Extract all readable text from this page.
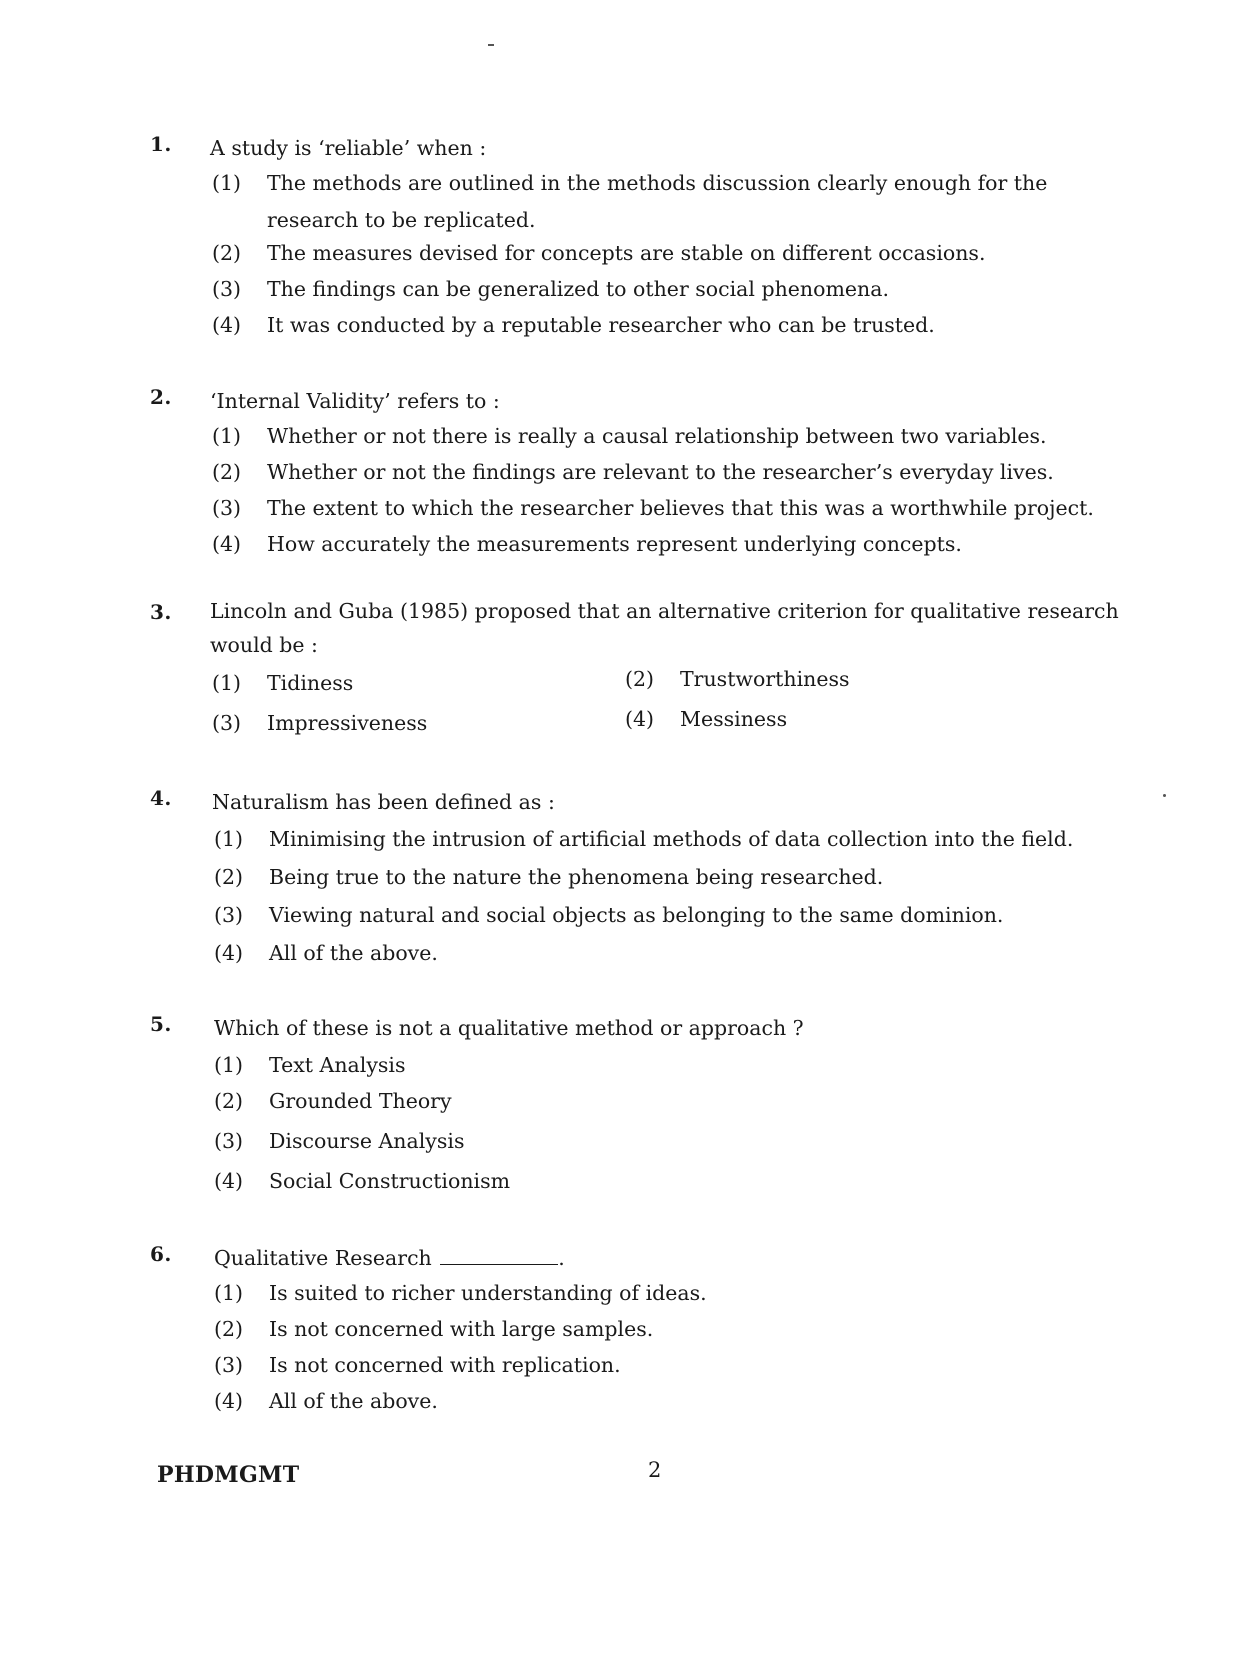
1. A study is ‘reliable’ when :
(1) The methods are outlined in the methods discussion clearly enough for the research to be replicated.
(2) The measures devised for concepts are stable on different occasions.
(3) The findings can be generalized to other social phenomena.
(4) It was conducted by a reputable researcher who can be trusted.
2. ‘Internal Validity’ refers to :
(1) Whether or not there is really a causal relationship between two variables.
(2) Whether or not the findings are relevant to the researcher’s everyday lives.
(3) The extent to which the researcher believes that this was a worthwhile project.
(4) How accurately the measurements represent underlying concepts.
3. Lincoln and Guba (1985) proposed that an alternative criterion for qualitative research would be :
(1) Tidiness	(2) Trustworthiness
(3) Impressiveness	(4) Messiness
4. Naturalism has been defined as :
(1) Minimising the intrusion of artificial methods of data collection into the field.
(2) Being true to the nature the phenomena being researched.
(3) Viewing natural and social objects as belonging to the same dominion.
(4) All of the above.
5. Which of these is not a qualitative method or approach ?
(1) Text Analysis
(2) Grounded Theory
(3) Discourse Analysis
(4) Social Constructionism
6. Qualitative Research	.
(1) Is suited to richer understanding of ideas.
(2) Is not concerned with large samples.
(3) Is not concerned with replication.
(4) All of the above.
PHDMGMT	2
